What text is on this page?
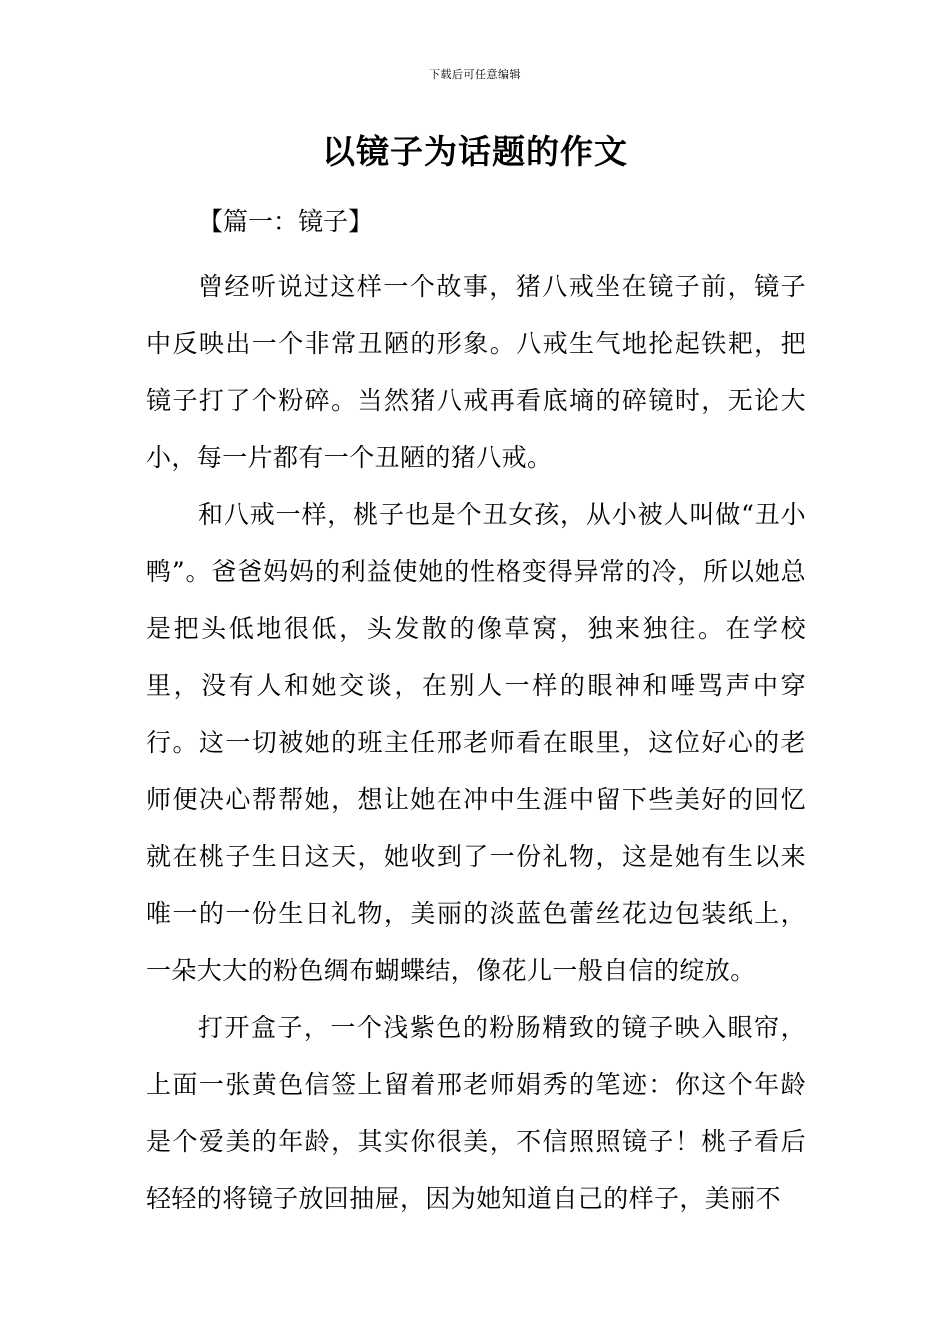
下载后可任意编辑
以镜子为话题的作文
【篇一：镜子】

曾经听说过这样一个故事，猪八戒坐在镜子前，镜子中反映出一个非常丑陋的形象。八戒生气地抡起铁耙，把镜子打了个粉碎。当然猪八戒再看底墒的碎镜时，无论大小，每一片都有一个丑陋的猪八戒。

和八戒一样，桃子也是个丑女孩，从小被人叫做“丑小鸭”。爸爸妈妈的利益使她的性格变得异常的冷，所以她总是把头低地很低，头发散的像草窝，独来独往。在学校里，没有人和她交谈，在别人一样的眼神和唾骂声中穿行。这一切被她的班主任邢老师看在眼里，这位好心的老师便决心帮帮她，想让她在冲中生涯中留下些美好的回忆就在桃子生日这天，她收到了一份礼物，这是她有生以来唯一的一份生日礼物，美丽的淡蓝色蕾丝花边包装纸上，一朵大大的粉色绸布蝴蝶结，像花儿一般自信的绽放。

打开盒子，一个浅紫色的粉肠精致的镜子映入眼帘，上面一张黄色信签上留着邢老师娟秀的笔迹：你这个年龄是个爱美的年龄，其实你很美，不信照照镜子！桃子看后轻轻的将镜子放回抽屉，因为她知道自己的样子，美丽不
